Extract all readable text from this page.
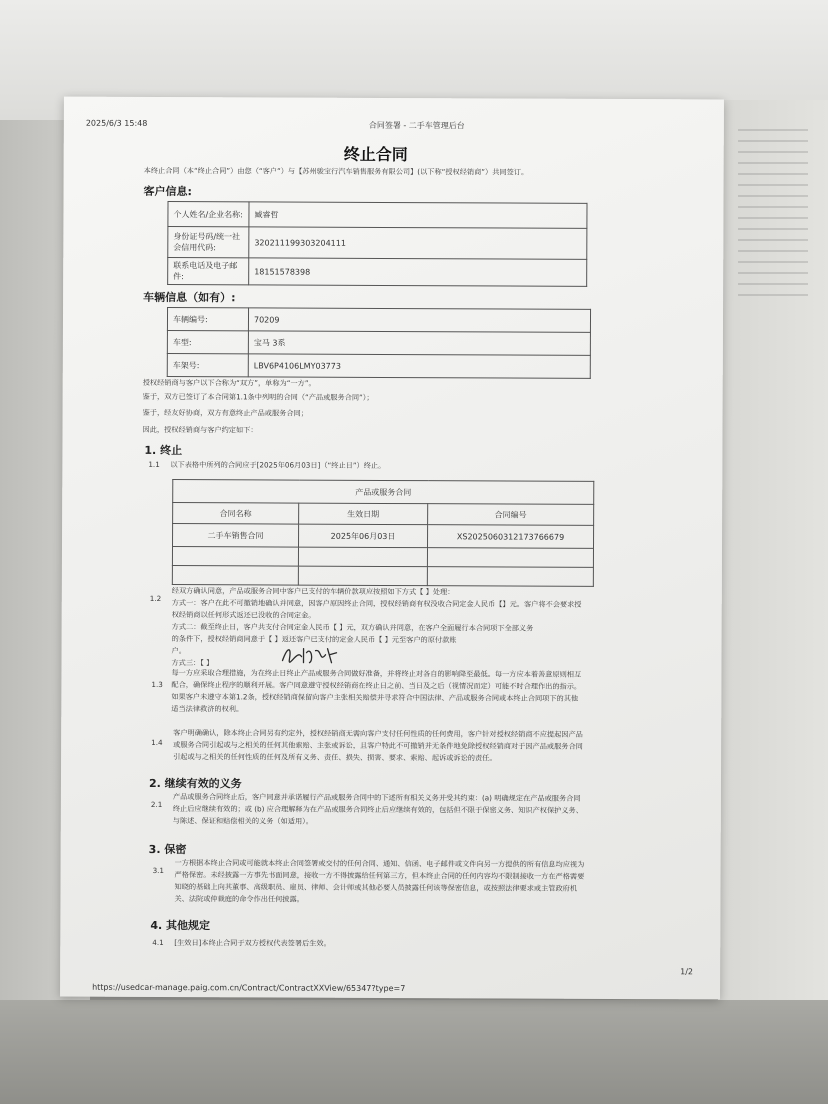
2025/6/3 15:48	合同签署 - 二手车管理后台
终止合同
本终止合同（本“终止合同”）由您（“客户”）与【苏州骏宝行汽车销售服务有限公司】(以下称“授权经销商”）共同签订。
客户信息:
个人姓名/企业名称:	臧睿哲
身份证号码/统一社会信用代码:	320211199303204111
联系电话及电子邮件:	18151578398
车辆信息（如有）:
车辆编号:	70209
车型:	宝马 3系
车架号:	LBV6P4106LMY03773
授权经销商与客户以下合称为“双方”，单称为“一方”。
鉴于，双方已签订了本合同第1.1条中列明的合同（“产品或服务合同”）；
鉴于，经友好协商，双方有意终止产品或服务合同；
因此，授权经销商与客户约定如下：
1. 终止
1.1 以下表格中所列的合同应于[2025年06月03日]（“终止日”）终止。
产品或服务合同		
合同名称	生效日期	合同编号
二手车销售合同	2025年06月03日	XS2025060312173766679

1.2
经双方确认同意，产品或服务合同中客户已支付的车辆价款项应按照如下方式【 】处理：
方式一：客户在此不可撤销地确认并同意，因客户原因终止合同，授权经销商有权没收合同定金人民币【】元。客户将不会要求授
权经销商以任何形式返还已没收的合同定金。
方式二：截至终止日，客户共支付合同定金人民币【 】元，双方确认并同意，在客户全面履行本合同项下全部义务
的条件下，授权经销商同意于【 】返还客户已支付的定金人民币【 】元至客户的原付款账
户。
方式三：【 】
1.3
每一方应采取合理措施，为在终止日终止产品或服务合同做好准备，并将终止对各自的影响降至最低。每一方应本着善意原则相互
配合，确保终止程序的顺利开展。客户同意遵守授权经销商在终止日之前、当日及之后（视情况而定）可能不时合理作出的指示。
如果客户未遵守本第1.2条，授权经销商保留向客户主张相关赔偿并寻求符合中国法律、产品或服务合同或本终止合同项下的其他
适当法律救济的权利。
1.4
客户明确确认，除本终止合同另有约定外，授权经销商无需向客户支付任何性质的任何费用，客户针对授权经销商不应提起因产品
或服务合同引起或与之相关的任何其他索赔、主张或诉讼，且客户特此不可撤销并无条件地免除授权经销商对于因产品或服务合同
引起或与之相关的任何性质的任何及所有义务、责任、损失、损害、要求、索赔、起诉或诉讼的责任。
2. 继续有效的义务
2.1
产品或服务合同终止后，客户同意并承诺履行产品或服务合同中的下述所有相关义务并受其约束：(a) 明确规定在产品或服务合同
终止后应继续有效的；或 (b) 应合理解释为在产品或服务合同终止后应继续有效的，包括但不限于保密义务、知识产权保护义务、
与陈述、保证和赔偿相关的义务（如适用）。
3. 保密
3.1
一方根据本终止合同或可能就本终止合同签署或交付的任何合同、通知、信函、电子邮件或文件向另一方提供的所有信息均应视为
严格保密。未经披露一方事先书面同意，接收一方不得披露给任何第三方，但本终止合同的任何内容均不限制接收一方在严格需要
知晓的基础上向其董事、高级职员、雇员、律师、会计师或其他必要人员披露任何该等保密信息，或按照法律要求或主管政府机
关、法院或仲裁庭的命令作出任何披露。
4. 其他规定
4.1 [生效日]本终止合同于双方授权代表签署后生效。
https://usedcar-manage.paig.com.cn/Contract/ContractXXView/65347?type=7
1/2
